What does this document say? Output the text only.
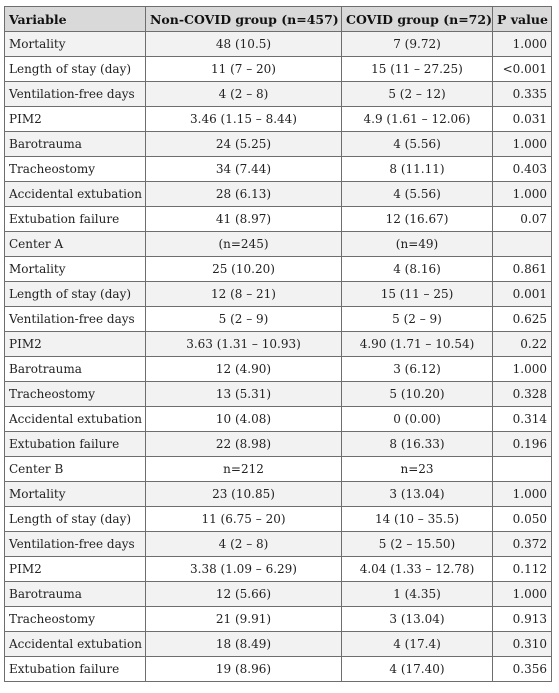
Variable	Non-COVID group (n=457)	COVID group (n=72)	P value
Mortality	48 (10.5)	7 (9.72)	1.000
Length of stay (day)	11 (7 – 20)	15 (11 – 27.25)	<0.001
Ventilation-free days	4 (2 – 8)	5 (2 – 12)	0.335
PIM2	3.46 (1.15 – 8.44)	4.9 (1.61 – 12.06)	0.031
Barotrauma	24 (5.25)	4 (5.56)	1.000
Tracheostomy	34 (7.44)	8 (11.11)	0.403
Accidental extubation	28 (6.13)	4 (5.56)	1.000
Extubation failure	41 (8.97)	12 (16.67)	0.07
Center A	(n=245)	(n=49)	
Mortality	25 (10.20)	4 (8.16)	0.861
Length of stay (day)	12 (8 – 21)	15 (11 – 25)	0.001
Ventilation-free days	5 (2 – 9)	5 (2 – 9)	0.625
PIM2	3.63 (1.31 – 10.93)	4.90 (1.71 – 10.54)	0.22
Barotrauma	12 (4.90)	3 (6.12)	1.000
Tracheostomy	13 (5.31)	5 (10.20)	0.328
Accidental extubation	10 (4.08)	0 (0.00)	0.314
Extubation failure	22 (8.98)	8 (16.33)	0.196
Center B	n=212	n=23	
Mortality	23 (10.85)	3 (13.04)	1.000
Length of stay (day)	11 (6.75 – 20)	14 (10 – 35.5)	0.050
Ventilation-free days	4 (2 – 8)	5 (2 – 15.50)	0.372
PIM2	3.38 (1.09 – 6.29)	4.04 (1.33 – 12.78)	0.112
Barotrauma	12 (5.66)	1 (4.35)	1.000
Tracheostomy	21 (9.91)	3 (13.04)	0.913
Accidental extubation	18 (8.49)	4 (17.4)	0.310
Extubation failure	19 (8.96)	4 (17.40)	0.356
